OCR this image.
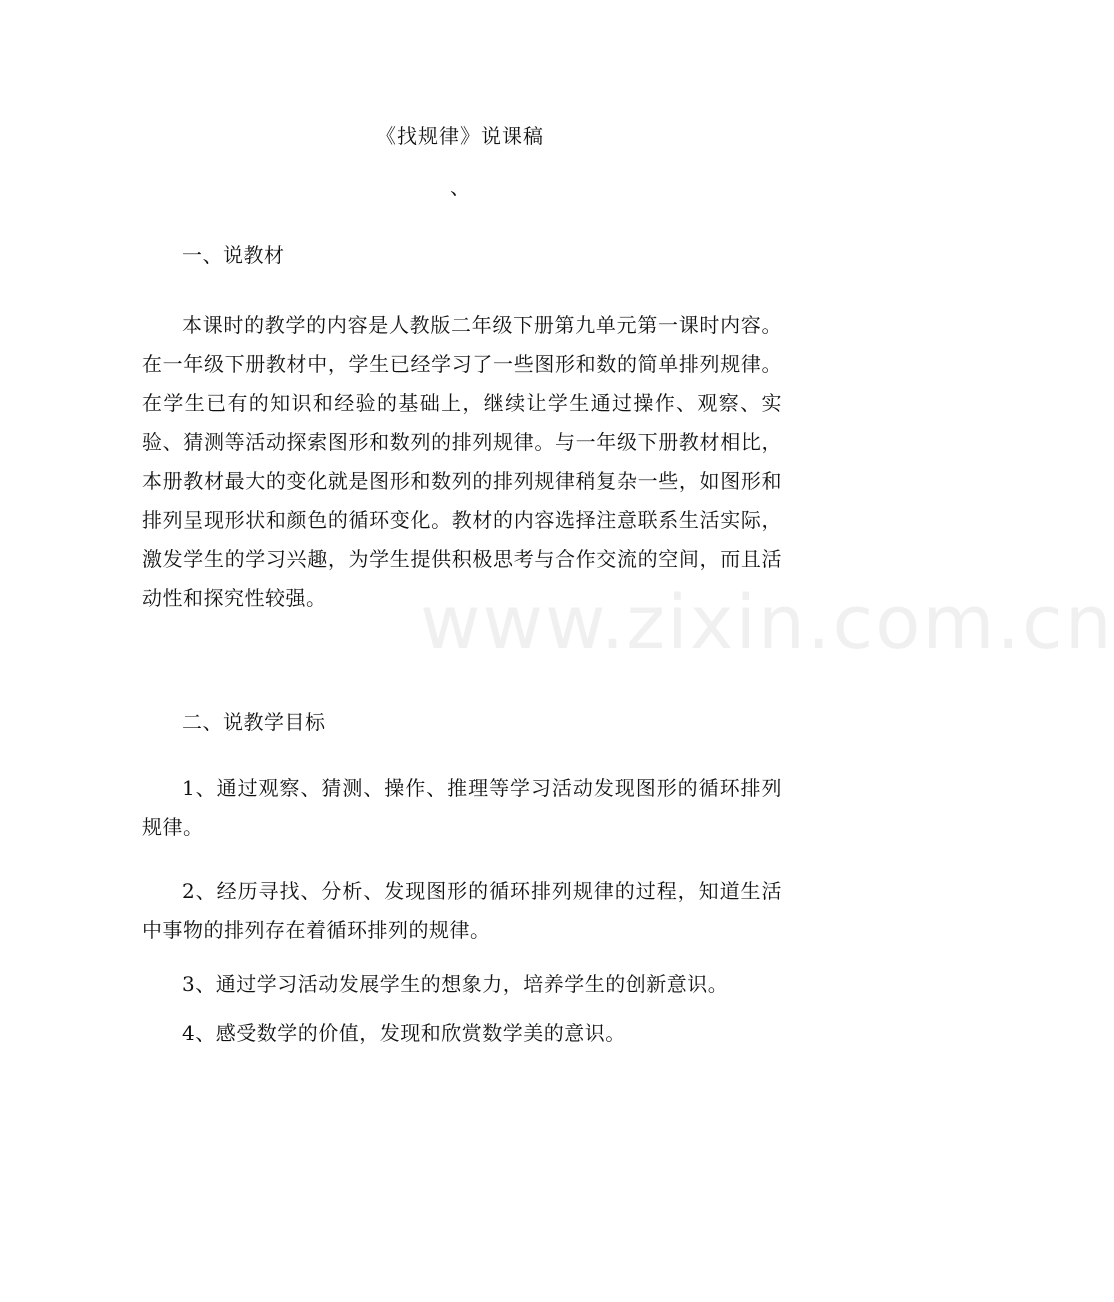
www.zixin.com.cn
《找规律》说课稿
、

一、说教材

本课时的教学的内容是人教版二年级下册第九单元第一课时内容。在一年级下册教材中，学生已经学习了一些图形和数的简单排列规律。在学生已有的知识和经验的基础上，继续让学生通过操作、观察、实验、猜测等活动探索图形和数列的排列规律。与一年级下册教材相比，本册教材最大的变化就是图形和数列的排列规律稍复杂一些，如图形和排列呈现形状和颜色的循环变化。教材的内容选择注意联系生活实际，激发学生的学习兴趣，为学生提供积极思考与合作交流的空间，而且活动性和探究性较强。

二、说教学目标

1、通过观察、猜测、操作、推理等学习活动发现图形的循环排列规律。

2、经历寻找、分析、发现图形的循环排列规律的过程，知道生活中事物的排列存在着循环排列的规律。

3、通过学习活动发展学生的想象力，培养学生的创新意识。

4、感受数学的价值，发现和欣赏数学美的意识。
